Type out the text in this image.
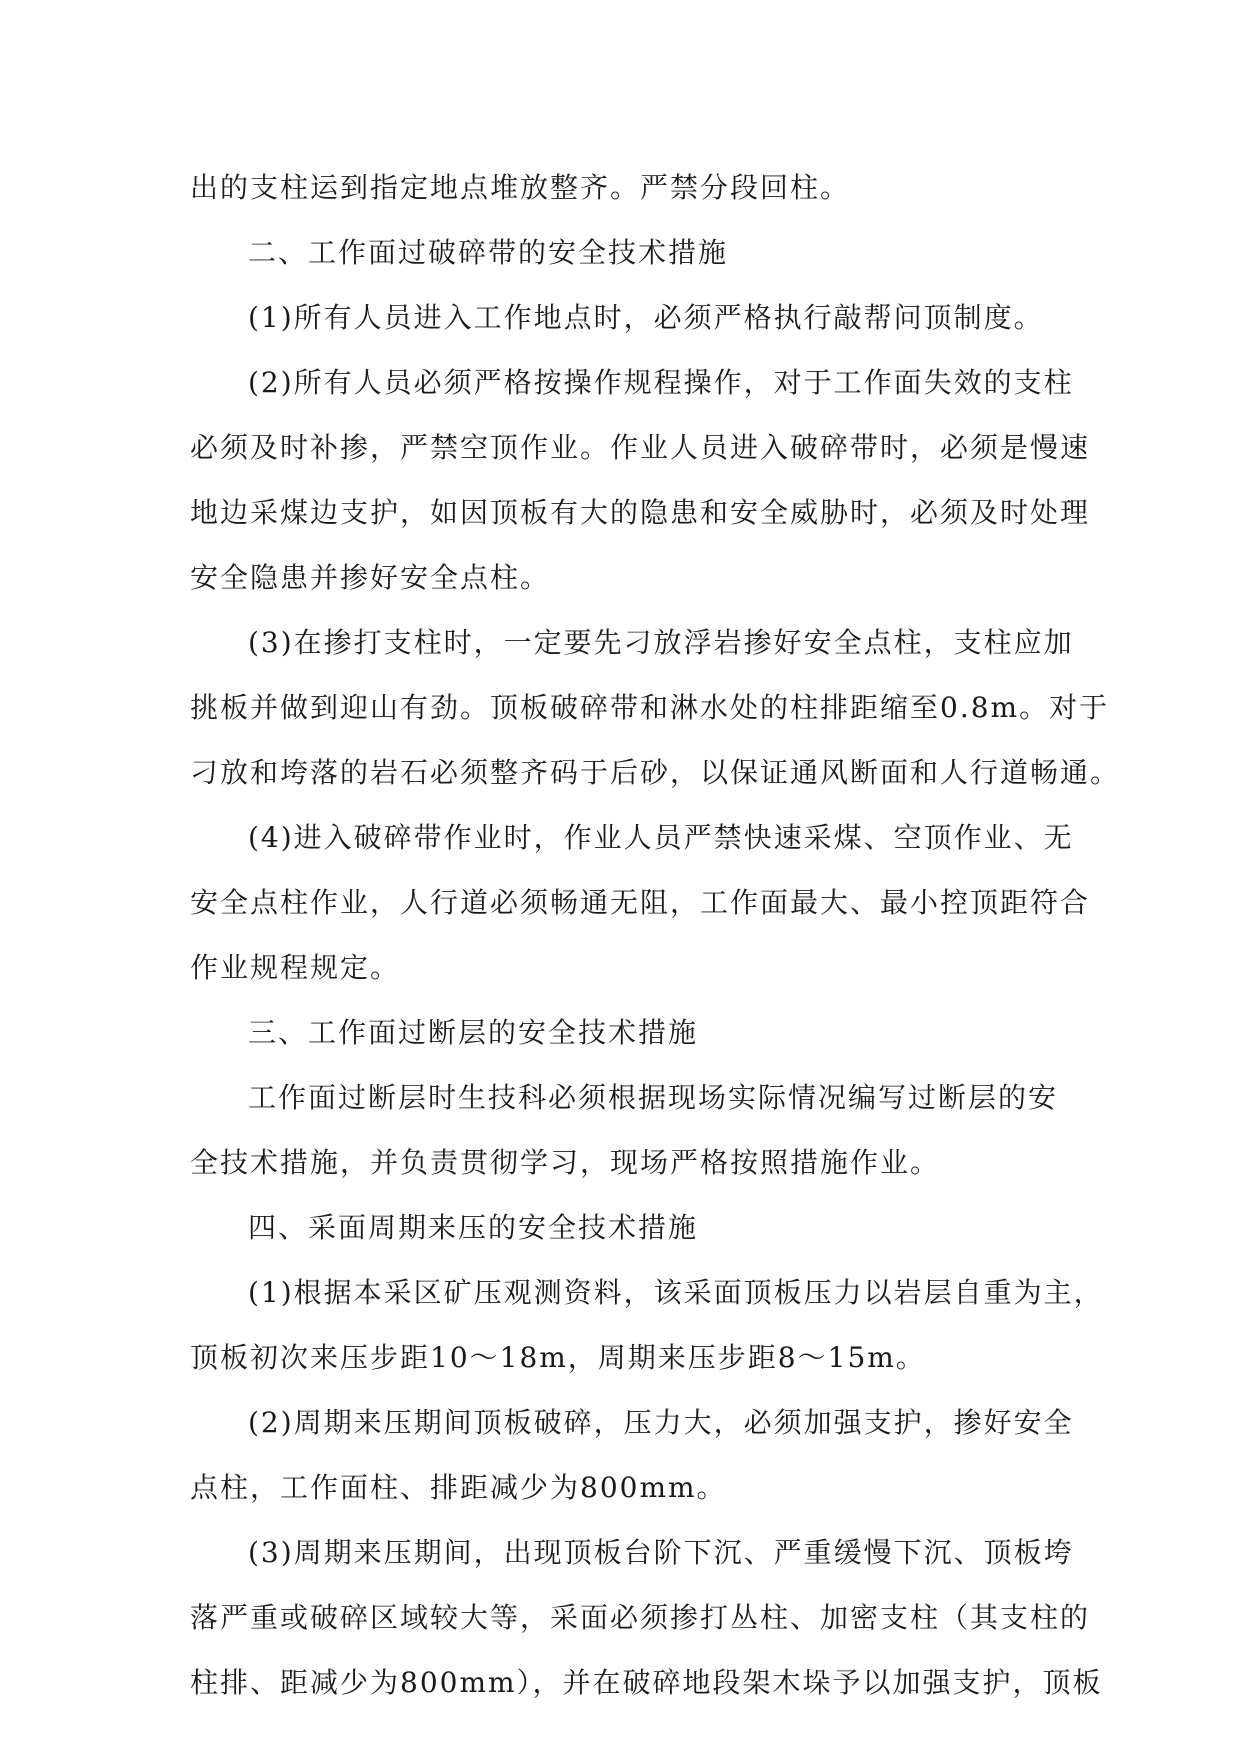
出的支柱运到指定地点堆放整齐。严禁分段回柱。
二、工作面过破碎带的安全技术措施
(1)所有人员进入工作地点时，必须严格执行敲帮问顶制度。
(2)所有人员必须严格按操作规程操作，对于工作面失效的支柱
必须及时补掺，严禁空顶作业。作业人员进入破碎带时，必须是慢速
地边采煤边支护，如因顶板有大的隐患和安全威胁时，必须及时处理
安全隐患并掺好安全点柱。
(3)在掺打支柱时，一定要先刁放浮岩掺好安全点柱，支柱应加
挑板并做到迎山有劲。顶板破碎带和淋水处的柱排距缩至0.8m。对于
刁放和垮落的岩石必须整齐码于后砂，以保证通风断面和人行道畅通。
(4)进入破碎带作业时，作业人员严禁快速采煤、空顶作业、无
安全点柱作业，人行道必须畅通无阻，工作面最大、最小控顶距符合
作业规程规定。
三、工作面过断层的安全技术措施
工作面过断层时生技科必须根据现场实际情况编写过断层的安
全技术措施，并负责贯彻学习，现场严格按照措施作业。
四、采面周期来压的安全技术措施
(1)根据本采区矿压观测资料，该采面顶板压力以岩层自重为主，
顶板初次来压步距10～18m，周期来压步距8～15m。
(2)周期来压期间顶板破碎，压力大，必须加强支护，掺好安全
点柱，工作面柱、排距减少为800mm。
(3)周期来压期间，出现顶板台阶下沉、严重缓慢下沉、顶板垮
落严重或破碎区域较大等，采面必须掺打丛柱、加密支柱（其支柱的
柱排、距减少为800mm），并在破碎地段架木垛予以加强支护，顶板
